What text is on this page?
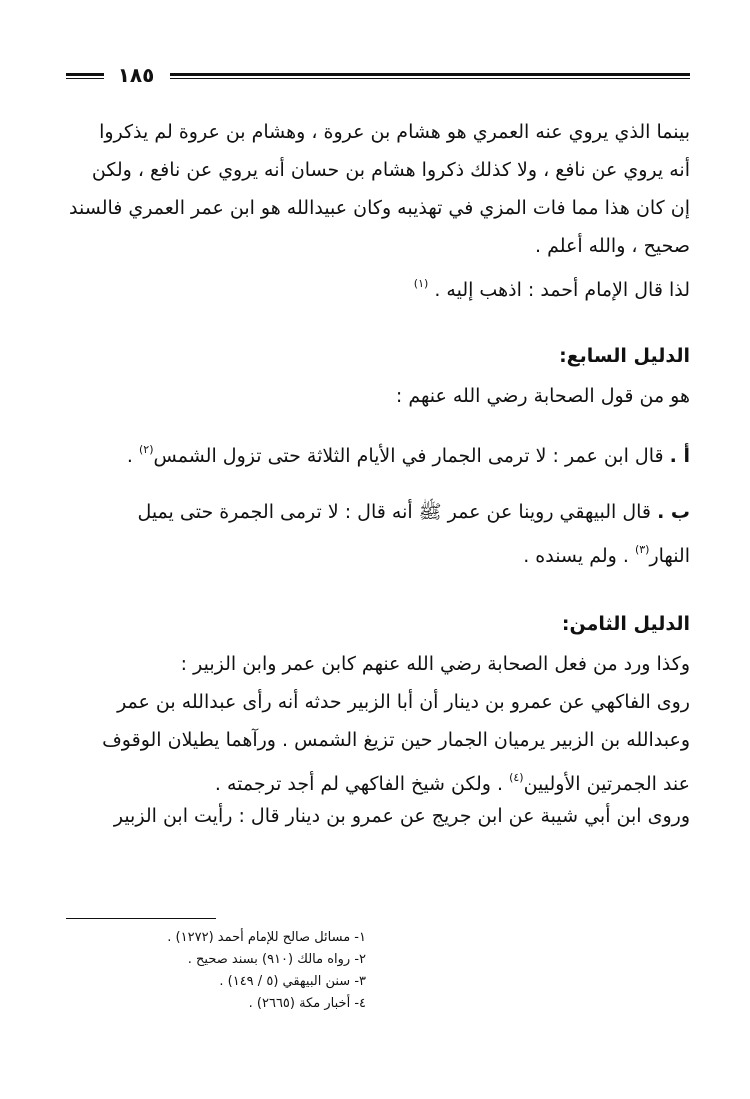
١٨٥
بينما الذي يروي عنه العمري هو هشام بن عروة ، وهشام بن عروة لم يذكروا
أنه يروي عن نافع ، ولا كذلك ذكروا هشام بن حسان أنه يروي عن نافع ، ولكن
إن كان هذا مما فات المزي في تهذيبه وكان عبيدالله هو ابن عمر العمري فالسند
صحيح ، والله أعلم .
لذا قال الإمام أحمد : اذهب إليه . $^{(١)}$
الدليل السابع:
هو من قول الصحابة رضي الله عنهم :
أ . قال ابن عمر : لا ترمى الجمار في الأيام الثلاثة حتى تزول الشمس$^{(٢)}$ .
ب . قال البيهقي روينا عن عمر ﷺ أنه قال : لا ترمى الجمرة حتى يميل
النهار$^{(٣)}$ . ولم يسنده .
الدليل الثامن:
وكذا ورد من فعل الصحابة رضي الله عنهم كابن عمر وابن الزبير :
روى الفاكهي عن عمرو بن دينار أن أبا الزبير حدثه أنه رأى عبدالله بن عمر
وعبدالله بن الزبير يرميان الجمار حين تزيغ الشمس . ورآهما يطيلان الوقوف
عند الجمرتين الأوليين$^{(٤)}$ . ولكن شيخ الفاكهي لم أجد ترجمته .
وروى ابن أبي شيبة عن ابن جريج عن عمرو بن دينار قال : رأيت ابن الزبير
١- مسائل صالح للإمام أحمد (١٢٧٢) .
٢- رواه مالك (٩١٠) بسند صحيح .
٣- سنن البيهقي (٥ / ١٤٩) .
٤- أخبار مكة (٢٦٦٥) .
